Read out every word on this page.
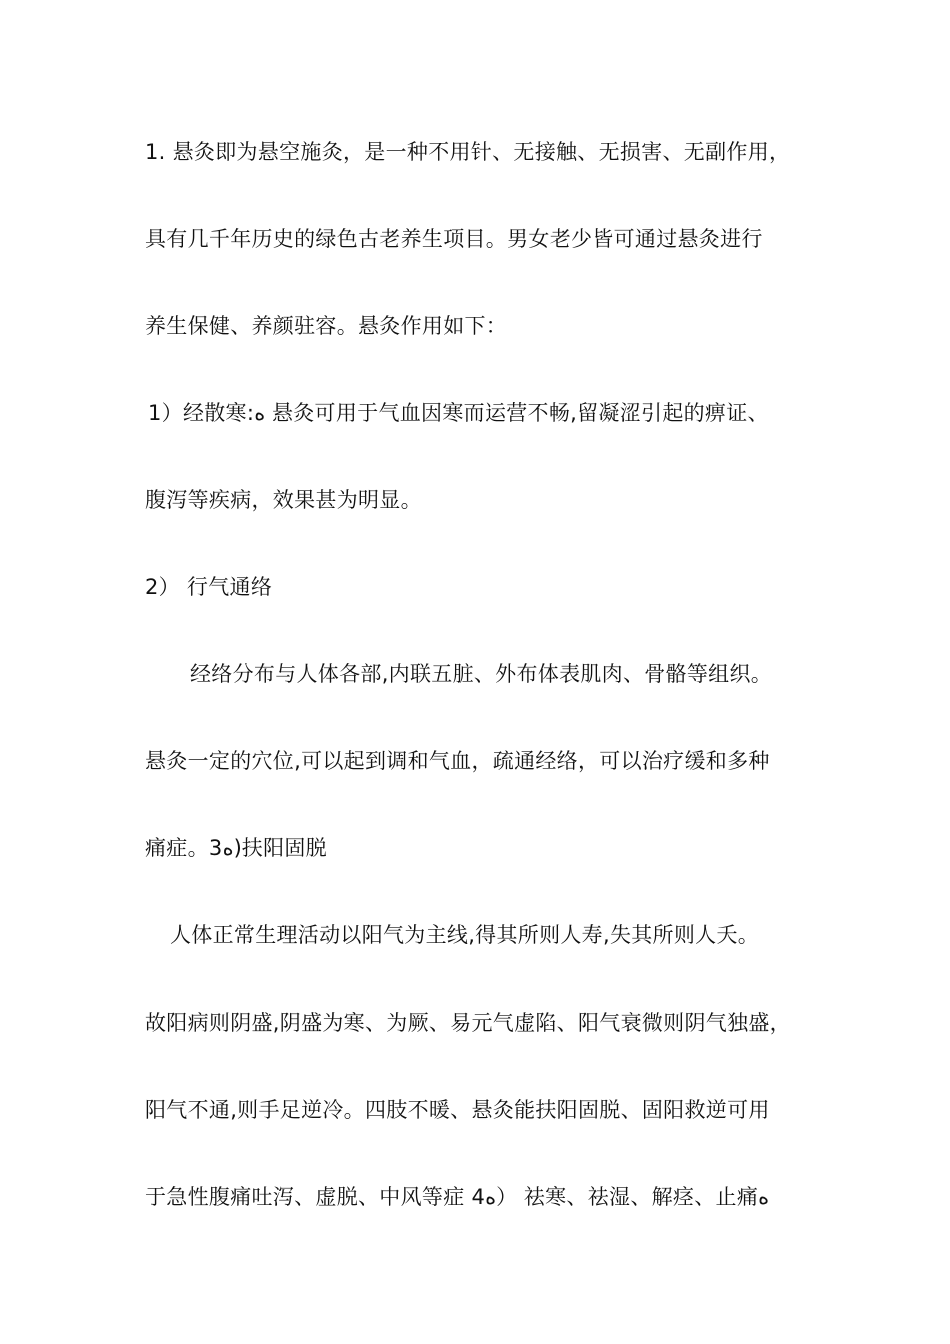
1. 悬灸即为悬空施灸，是一种不用针、无接触、无损害、无副作用，
具有几千年历史的绿色古老养生项目。男女老少皆可通过悬灸进行
养生保健、养颜驻容。悬灸作用如下：
1）经散寒:ه 悬灸可用于气血因寒而运营不畅,留凝涩引起的痹证、
腹泻等疾病，效果甚为明显。
2） 行气通络
经络分布与人体各部,内联五脏、外布体表肌肉、骨骼等组织。
悬灸一定的穴位,可以起到调和气血，疏通经络，可以治疗缓和多种
痛症。3ه)扶阳固脱
人体正常生理活动以阳气为主线,得其所则人寿,失其所则人夭。
故阳病则阴盛,阴盛为寒、为厥、易元气虚陷、阳气衰微则阴气独盛，
阳气不通,则手足逆冷。四肢不暖、悬灸能扶阳固脱、固阳救逆可用
于急性腹痛吐泻、虚脱、中风等症 4ه） 祛寒、祛湿、解痉、止痛ه
